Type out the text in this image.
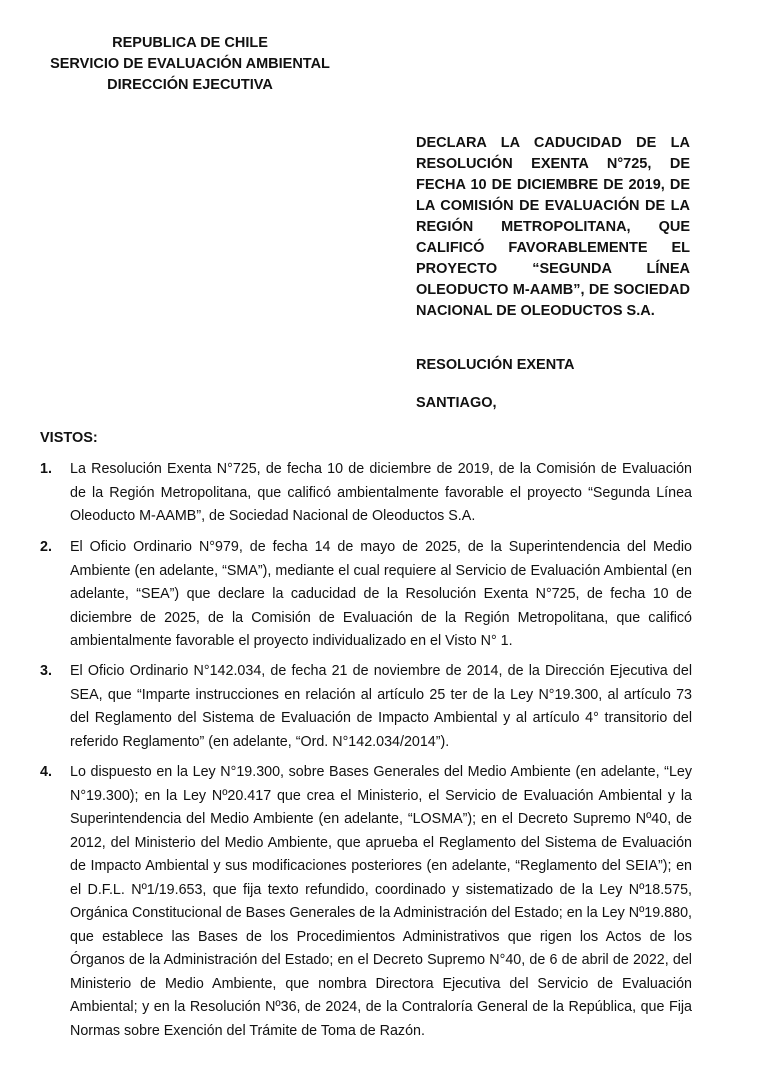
REPUBLICA DE CHILE
SERVICIO DE EVALUACIÓN AMBIENTAL
DIRECCIÓN EJECUTIVA
DECLARA LA CADUCIDAD DE LA RESOLUCIÓN EXENTA N°725, DE FECHA 10 DE DICIEMBRE DE 2019, DE LA COMISIÓN DE EVALUACIÓN DE LA REGIÓN METROPOLITANA, QUE CALIFICÓ FAVORABLEMENTE EL PROYECTO “SEGUNDA LÍNEA OLEODUCTO M-AAMB”, DE SOCIEDAD NACIONAL DE OLEODUCTOS S.A.
RESOLUCIÓN EXENTA
SANTIAGO,
VISTOS:
1. La Resolución Exenta N°725, de fecha 10 de diciembre de 2019, de la Comisión de Evaluación de la Región Metropolitana, que calificó ambientalmente favorable el proyecto “Segunda Línea Oleoducto M-AAMB”, de Sociedad Nacional de Oleoductos S.A.
2. El Oficio Ordinario N°979, de fecha 14 de mayo de 2025, de la Superintendencia del Medio Ambiente (en adelante, “SMA”), mediante el cual requiere al Servicio de Evaluación Ambiental (en adelante, “SEA”) que declare la caducidad de la Resolución Exenta N°725, de fecha 10 de diciembre de 2025, de la Comisión de Evaluación de la Región Metropolitana, que calificó ambientalmente favorable el proyecto individualizado en el Visto N° 1.
3. El Oficio Ordinario N°142.034, de fecha 21 de noviembre de 2014, de la Dirección Ejecutiva del SEA, que “Imparte instrucciones en relación al artículo 25 ter de la Ley N°19.300, al artículo 73 del Reglamento del Sistema de Evaluación de Impacto Ambiental y al artículo 4° transitorio del referido Reglamento” (en adelante, “Ord. N°142.034/2014”).
4. Lo dispuesto en la Ley N°19.300, sobre Bases Generales del Medio Ambiente (en adelante, “Ley N°19.300); en la Ley Nº20.417 que crea el Ministerio, el Servicio de Evaluación Ambiental y la Superintendencia del Medio Ambiente (en adelante, “LOSMA”); en el Decreto Supremo Nº40, de 2012, del Ministerio del Medio Ambiente, que aprueba el Reglamento del Sistema de Evaluación de Impacto Ambiental y sus modificaciones posteriores (en adelante, “Reglamento del SEIA”); en el D.F.L. Nº1/19.653, que fija texto refundido, coordinado y sistematizado de la Ley Nº18.575, Orgánica Constitucional de Bases Generales de la Administración del Estado; en la Ley Nº19.880, que establece las Bases de los Procedimientos Administrativos que rigen los Actos de los Órganos de la Administración del Estado; en el Decreto Supremo N°40, de 6 de abril de 2022, del Ministerio de Medio Ambiente, que nombra Directora Ejecutiva del Servicio de Evaluación Ambiental; y en la Resolución Nº36, de 2024, de la Contraloría General de la República, que Fija Normas sobre Exención del Trámite de Toma de Razón.
